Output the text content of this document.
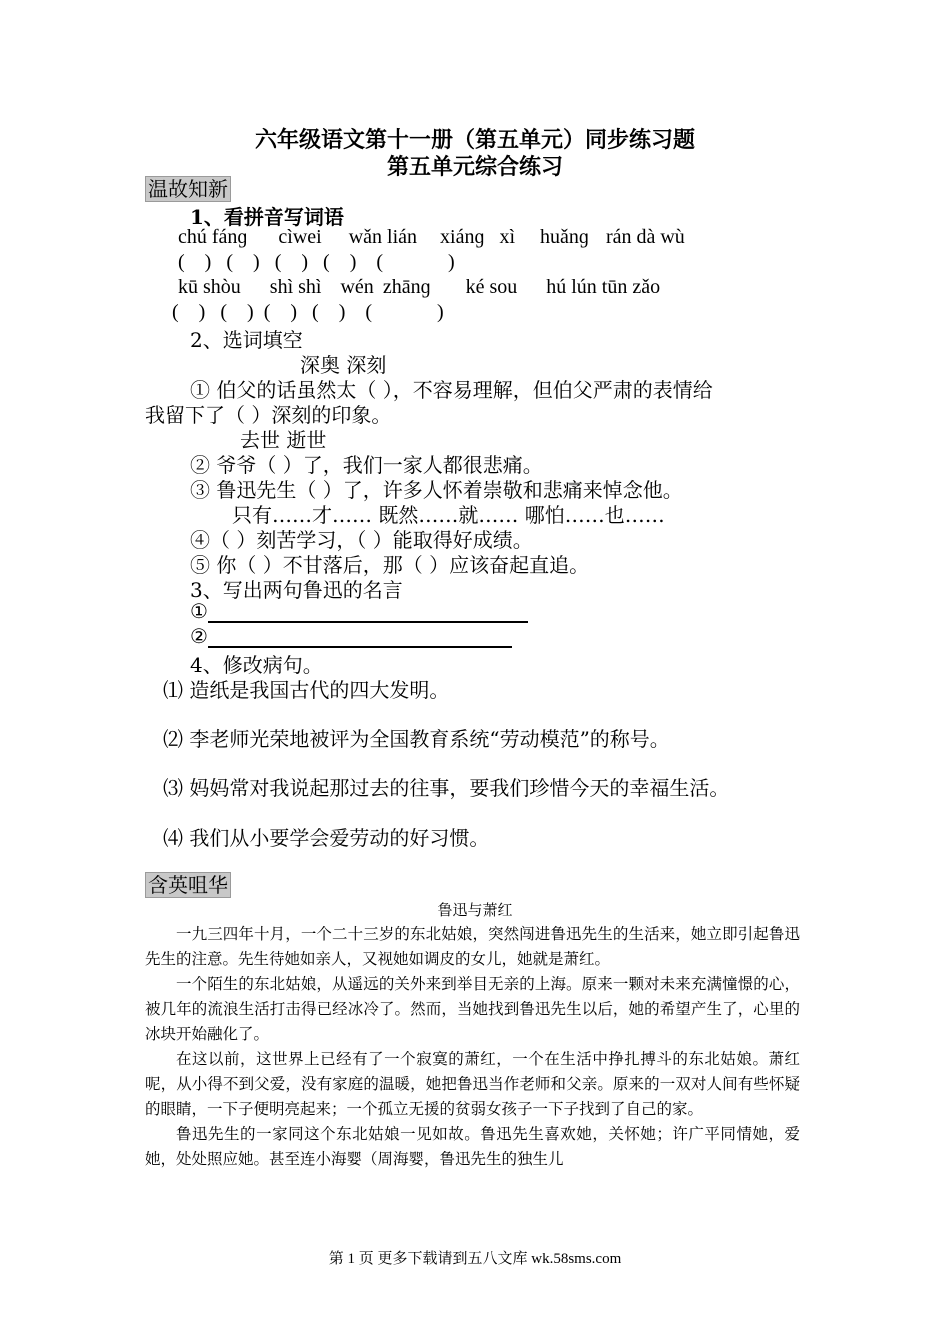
六年级语文第十一册（第五单元）同步练习题
第五单元综合练习
温故知新
1、看拼音写词语
chú fánɡ cìwei wǎn lián xiánɡ xì huǎnɡ rán dà wù
( ) ( ) ( ) ( ) (	)
kū shòu shì shì wén zhānɡ ké sou hú lún tūn zǎo
( ) ( ) ( ) ( ) (	)
2、选词填空
深奥 深刻
① 伯父的话虽然太（ ），不容易理解，但伯父严肃的表情给
我留下了（ ）深刻的印象。
去世 逝世
② 爷爷（ ）了，我们一家人都很悲痛。
③ 鲁迅先生（ ）了，许多人怀着崇敬和悲痛来悼念他。
只有……才…… 既然……就…… 哪怕……也……
④（ ）刻苦学习，（ ）能取得好成绩。
⑤ 你（ ）不甘落后，那（ ）应该奋起直追。
3、写出两句鲁迅的名言
①
②
4、修改病句。
⑴ 造纸是我国古代的四大发明。
⑵ 李老师光荣地被评为全国教育系统“劳动模范”的称号。
⑶ 妈妈常对我说起那过去的往事，要我们珍惜今天的幸福生活。
⑷ 我们从小要学会爱劳动的好习惯。
含英咀华
鲁迅与萧红

一九三四年十月，一个二十三岁的东北姑娘，突然闯进鲁迅先生的生活来，她立即引起鲁迅先生的注意。先生待她如亲人，又视她如调皮的女儿，她就是萧红。

一个陌生的东北姑娘，从遥远的关外来到举目无亲的上海。原来一颗对未来充满憧憬的心，被几年的流浪生活打击得已经冰冷了。然而，当她找到鲁迅先生以后，她的希望产生了，心里的冰块开始融化了。

在这以前，这世界上已经有了一个寂寞的萧红，一个在生活中挣扎搏斗的东北姑娘。萧红呢，从小得不到父爱，没有家庭的温暖，她把鲁迅当作老师和父亲。原来的一双对人间有些怀疑的眼睛，一下子便明亮起来；一个孤立无援的贫弱女孩子一下子找到了自己的家。

鲁迅先生的一家同这个东北姑娘一见如故。鲁迅先生喜欢她，关怀她；许广平同情她，爱她，处处照应她。甚至连小海婴（周海婴，鲁迅先生的独生儿

第 1 页 更多下载请到五八文库 wk.58sms.com
